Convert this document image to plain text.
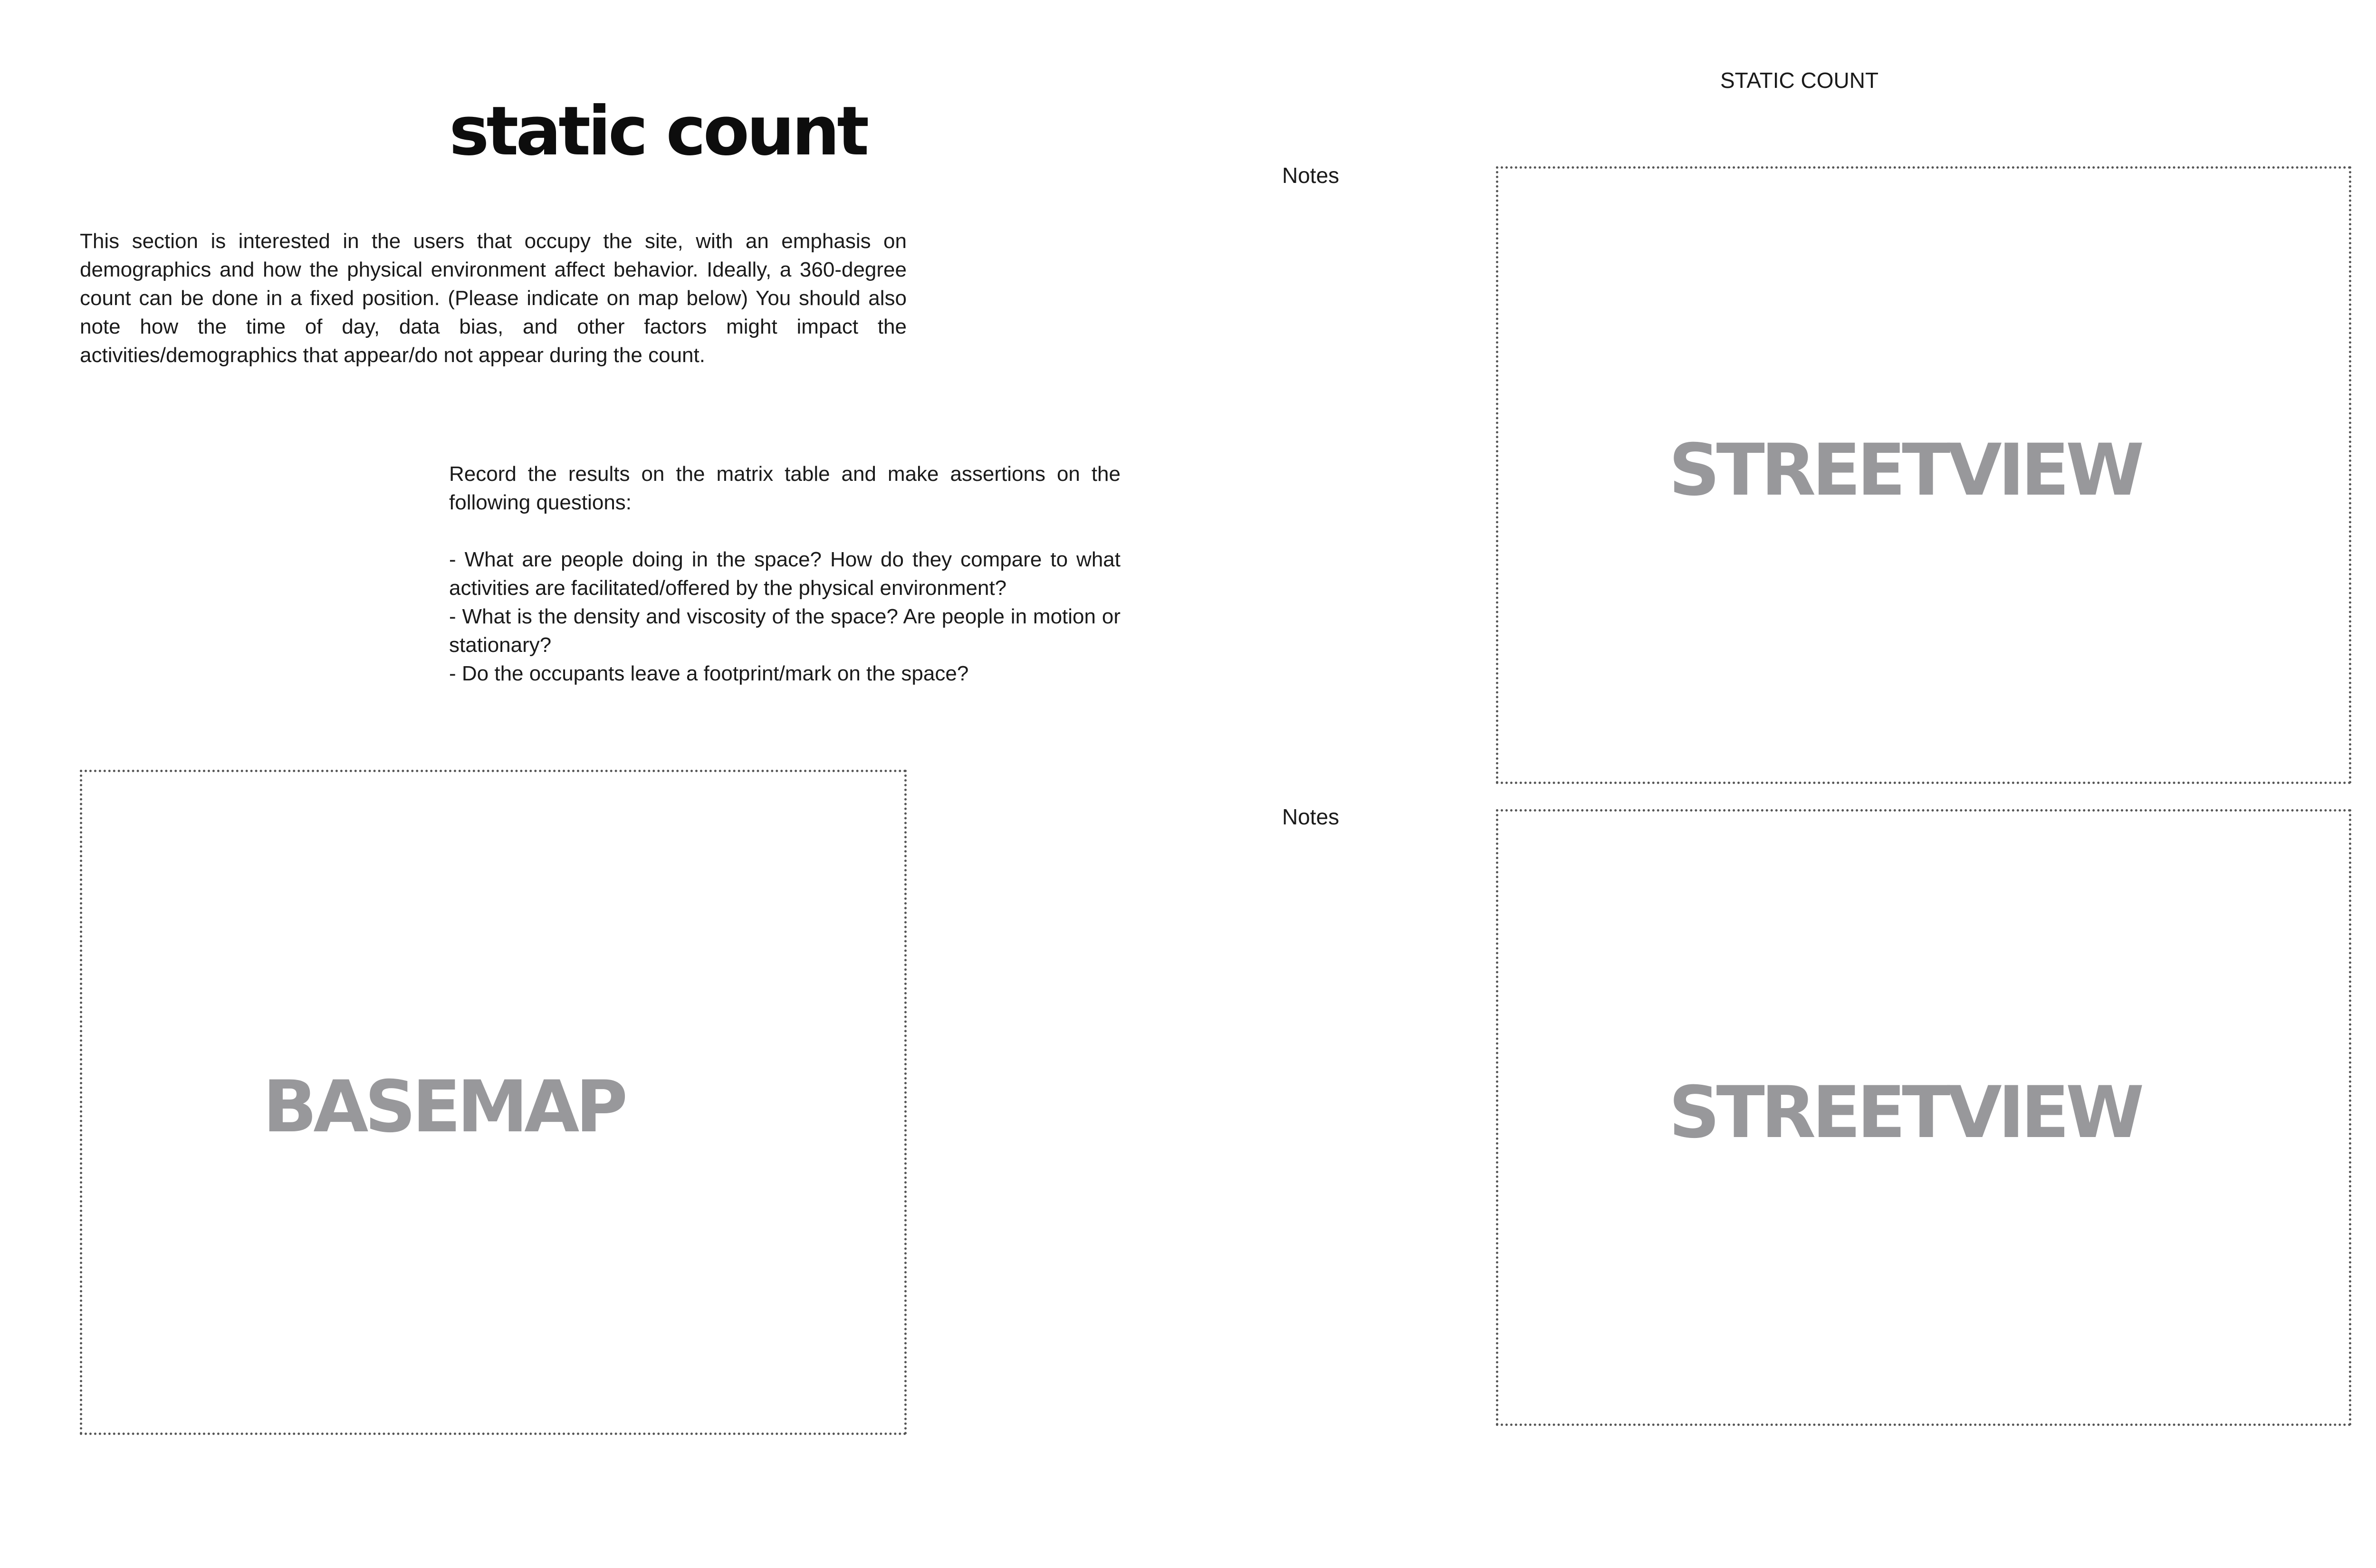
STATIC COUNT
static count

This section is interested in the users that occupy the site, with an emphasis on demographics and how the physical environment affect behavior. Ideally, a 360-degree count can be done in a fixed position. (Please indicate on map below) You should also note how the time of day, data bias, and other factors might impact the activities/demographics that appear/do not appear during the count.

Record the results on the matrix table and make assertions on the following questions:

- What are people doing in the space? How do they compare to what activities are facilitated/offered by the physical environment?
- What is the density and viscosity of the space? Are people in motion or stationary?
- Do the occupants leave a footprint/mark on the space?
BASEMAP
Notes
STREETVIEW
Notes
STREETVIEW
